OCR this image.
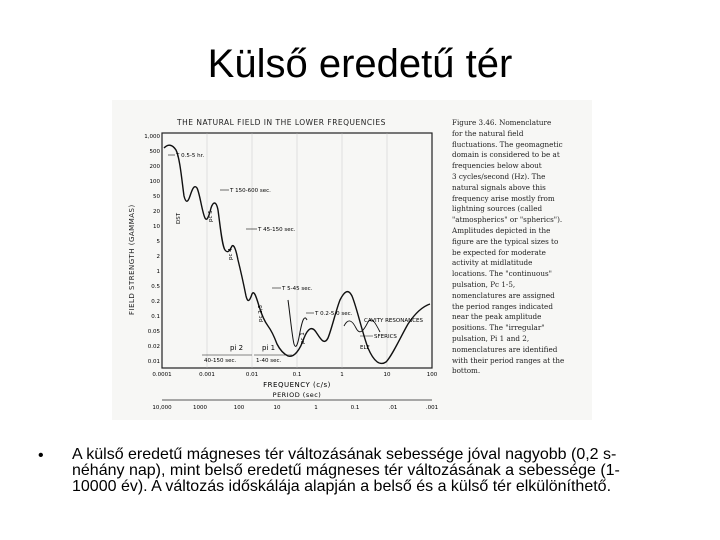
Külső eredetű tér
THE NATURAL FIELD IN THE LOWER FREQUENCIES
FIELD STRENGTH (GAMMAS)
1,000
500
200
100
50
20
10
5
2
1
0.5
0.2
0.1
0.05
0.02
0.01
0.0001	0.001	0.01	0.1	1	10	100
FREQUENCY (c/s)
PERIOD (sec)
10,000	1000	100	10	1	0.1	.01	.001
T 0.5-5 hr.
T 150-600 sec.
T 45-150 sec.
T 5-45 sec.
T 0.2-5.0 sec.
pc 5
pc 4
pc 2,3
pc 1
DST
pi 2	pi 1
40-150 sec.	1-40 sec.
CAVITY RESONANCES
SFERICS
ELF
Figure 3.46. Nomenclature
for the natural field
fluctuations. The geomagnetic
domain is considered to be at
frequencies below about
3 cycles/second (Hz). The
natural signals above this
frequency arise mostly from
lightning sources (called
"atmospherics" or "spherics").
Amplitudes depicted in the
figure are the typical sizes to
be expected for moderate
activity at midlatitude
locations. The "continuous"
pulsation, Pc 1-5,
nomenclatures are assigned
the period ranges indicated
near the peak amplitude
positions. The "irregular"
pulsation, Pi 1 and 2,
nomenclatures are identified
with their period ranges at the
bottom.
• A külső eredetű mágneses tér változásának sebessége jóval nagyobb (0,2 s- néhány nap), mint belső eredetű mágneses tér változásának a sebessége (1-10000 év). A változás időskálája alapján a belső és a külső tér elkülöníthető.
